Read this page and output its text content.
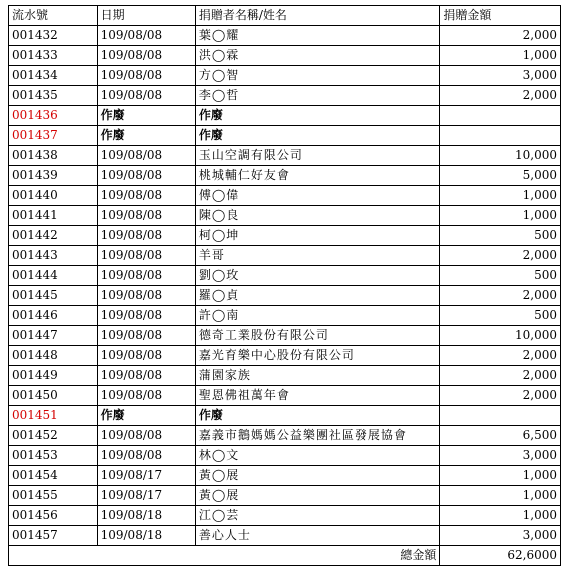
流水號	日期	捐贈者名稱/姓名	捐贈金額
001432	109/08/08	葉◯耀	2,000
001433	109/08/08	洪◯霖	1,000
001434	109/08/08	方◯智	3,000
001435	109/08/08	李◯哲	2,000
001436	作廢	作廢	
001437	作廢	作廢	
001438	109/08/08	玉山空調有限公司	10,000
001439	109/08/08	桃城輔仁好友會	5,000
001440	109/08/08	傅◯偉	1,000
001441	109/08/08	陳◯良	1,000
001442	109/08/08	柯◯坤	500
001443	109/08/08	羊哥	2,000
001444	109/08/08	劉◯玫	500
001445	109/08/08	羅◯貞	2,000
001446	109/08/08	許◯南	500
001447	109/08/08	德奇工業股份有限公司	10,000
001448	109/08/08	嘉光育樂中心股份有限公司	2,000
001449	109/08/08	蒲園家族	2,000
001450	109/08/08	聖恩佛祖萬年會	2,000
001451	作廢	作廢	
001452	109/08/08	嘉義市鵝媽媽公益樂團社區發展協會	6,500
001453	109/08/08	林◯文	3,000
001454	109/08/17	黃◯展	1,000
001455	109/08/17	黃◯展	1,000
001456	109/08/18	江◯芸	1,000
001457	109/08/18	善心人士	3,000
總金額			62,6000
